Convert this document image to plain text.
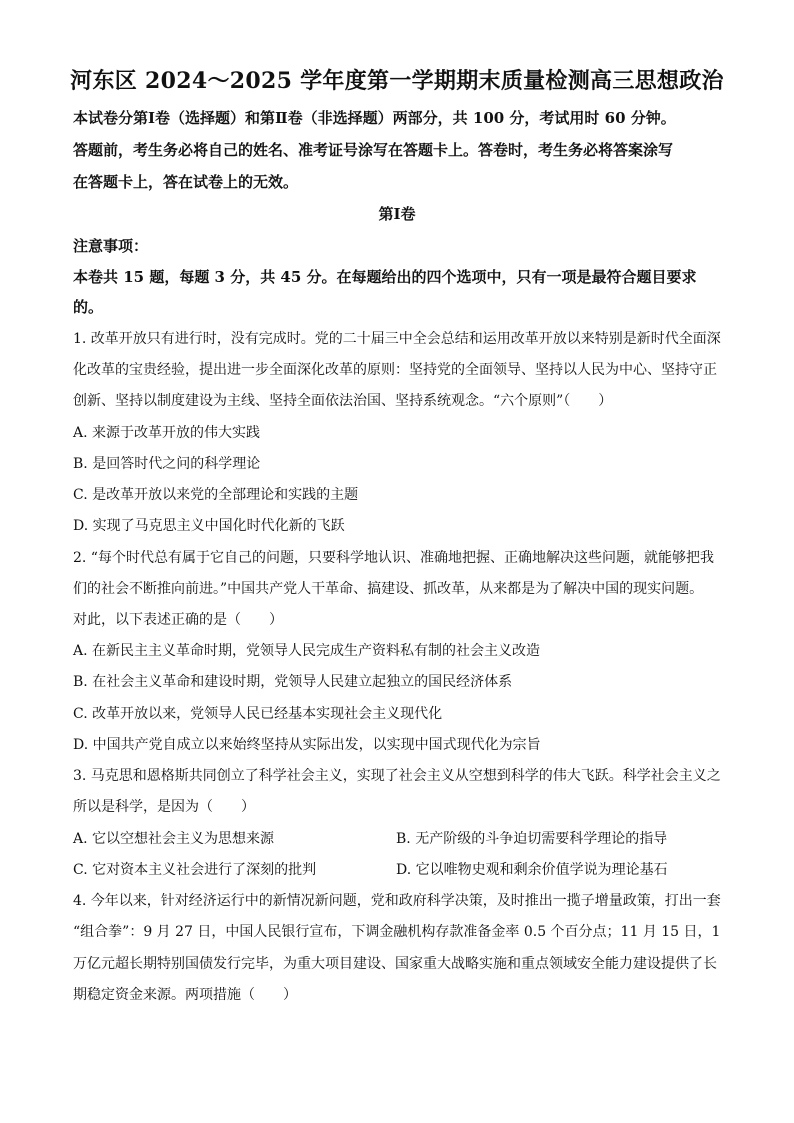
河东区 2024～2025 学年度第一学期期末质量检测高三思想政治
本试卷分第Ⅰ卷（选择题）和第Ⅱ卷（非选择题）两部分，共 100 分，考试用时 60 分钟。
答题前，考生务必将自己的姓名、准考证号涂写在答题卡上。答卷时，考生务必将答案涂写
在答题卡上，答在试卷上的无效。
第Ⅰ卷
注意事项：
本卷共 15 题，每题 3 分，共 45 分。在每题给出的四个选项中，只有一项是最符合题目要求
的。
1. 改革开放只有进行时，没有完成时。党的二十届三中全会总结和运用改革开放以来特别是新时代全面深
化改革的宝贵经验，提出进一步全面深化改革的原则：坚持党的全面领导、坚持以人民为中心、坚持守正
创新、坚持以制度建设为主线、坚持全面依法治国、坚持系统观念。“六个原则”（　　）
A. 来源于改革开放的伟大实践
B. 是回答时代之问的科学理论
C. 是改革开放以来党的全部理论和实践的主题
D. 实现了马克思主义中国化时代化新的飞跃
2. “每个时代总有属于它自己的问题，只要科学地认识、准确地把握、正确地解决这些问题，就能够把我
们的社会不断推向前进。”中国共产党人干革命、搞建设、抓改革，从来都是为了解决中国的现实问题。
对此，以下表述正确的是（　　）
A. 在新民主主义革命时期，党领导人民完成生产资料私有制的社会主义改造
B. 在社会主义革命和建设时期，党领导人民建立起独立的国民经济体系
C. 改革开放以来，党领导人民已经基本实现社会主义现代化
D. 中国共产党自成立以来始终坚持从实际出发，以实现中国式现代化为宗旨
3. 马克思和恩格斯共同创立了科学社会主义，实现了社会主义从空想到科学的伟大飞跃。科学社会主义之
所以是科学，是因为（　　）
A. 它以空想社会主义为思想来源	B. 无产阶级的斗争迫切需要科学理论的指导
C. 它对资本主义社会进行了深刻的批判	D. 它以唯物史观和剩余价值学说为理论基石
4. 今年以来，针对经济运行中的新情况新问题，党和政府科学决策，及时推出一揽子增量政策，打出一套
“组合拳”：9 月 27 日，中国人民银行宣布，下调金融机构存款准备金率 0.5 个百分点；11 月 15 日，1
万亿元超长期特别国债发行完毕，为重大项目建设、国家重大战略实施和重点领域安全能力建设提供了长
期稳定资金来源。两项措施（　　）
